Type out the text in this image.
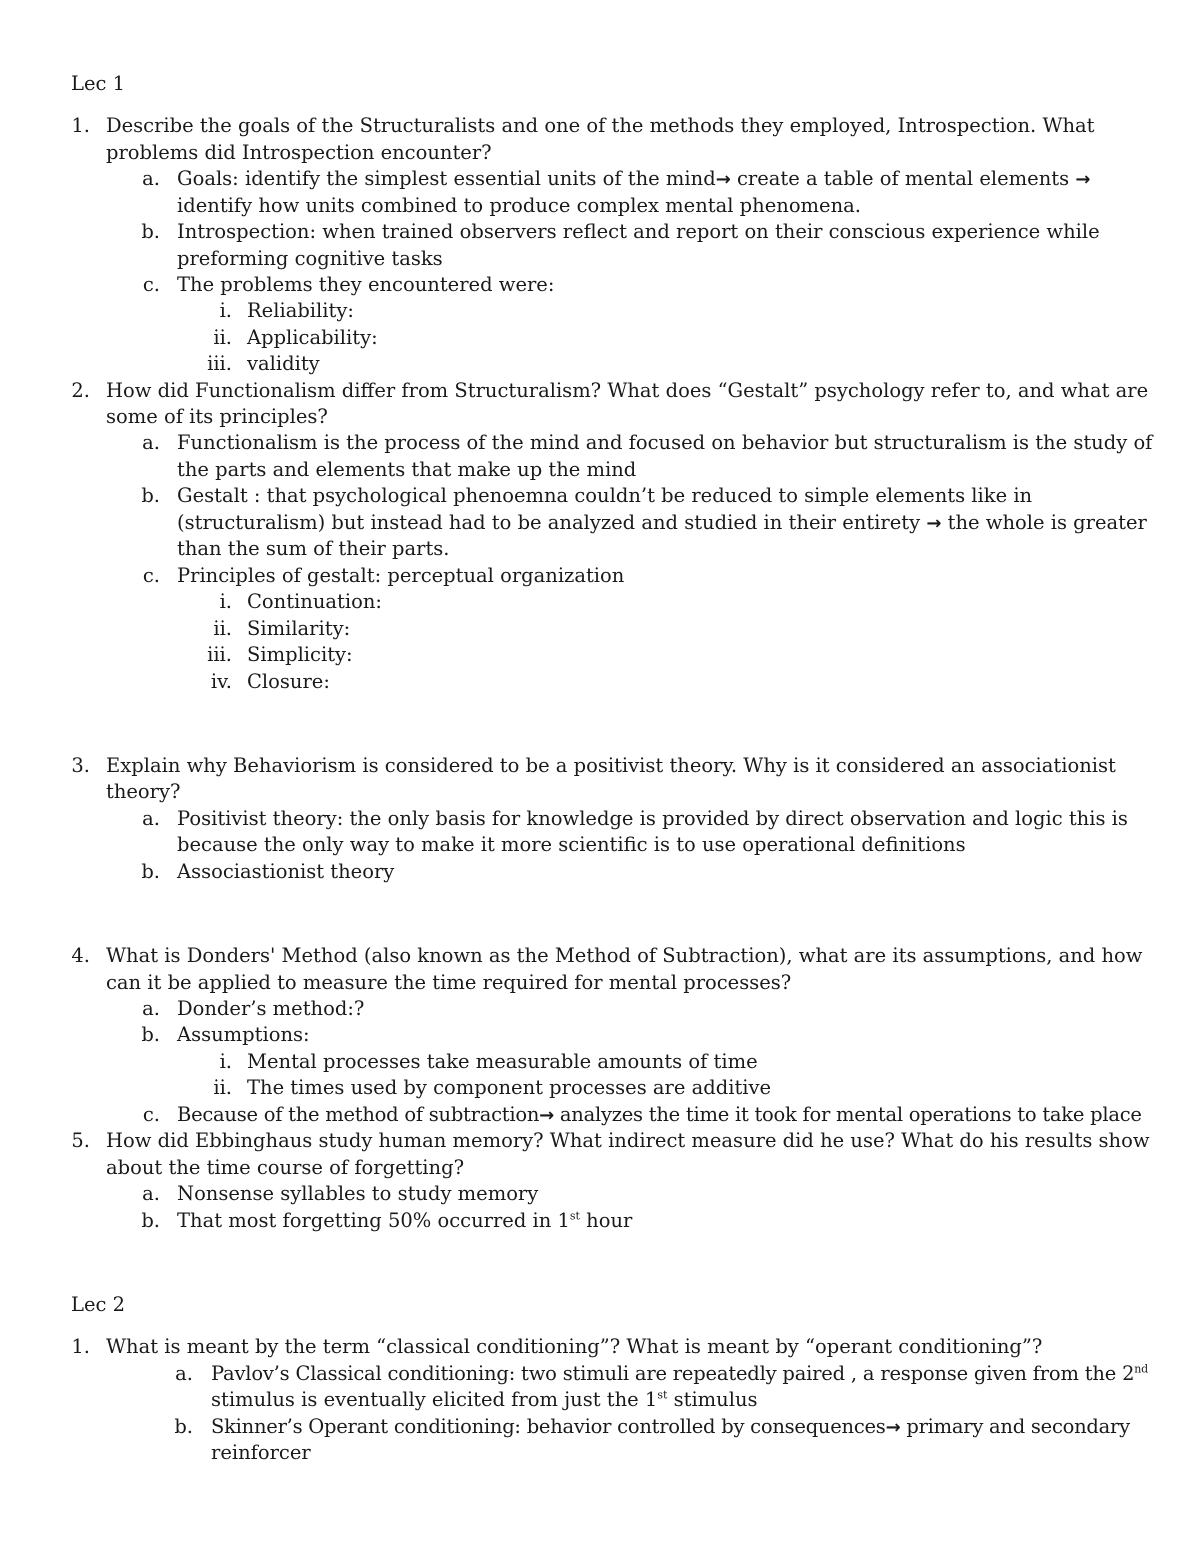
Lec 1
1. Describe the goals of the Structuralists and one of the methods they employed, Introspection. What
problems did Introspection encounter?
a. Goals: identify the simplest essential units of the mind→ create a table of mental elements →
identify how units combined to produce complex mental phenomena.
b. Introspection: when trained observers reflect and report on their conscious experience while
preforming cognitive tasks
c. The problems they encountered were:
i. Reliability:
ii. Applicability:
iii. validity
2. How did Functionalism differ from Structuralism? What does “Gestalt” psychology refer to, and what are
some of its principles?
a. Functionalism is the process of the mind and focused on behavior but structuralism is the study of
the parts and elements that make up the mind
b. Gestalt : that psychological phenoemna couldn’t be reduced to simple elements like in
(structuralism) but instead had to be analyzed and studied in their entirety → the whole is greater
than the sum of their parts.
c. Principles of gestalt: perceptual organization
i. Continuation:
ii. Similarity:
iii. Simplicity:
iv. Closure:
3. Explain why Behaviorism is considered to be a positivist theory. Why is it considered an associationist
theory?
a. Positivist theory: the only basis for knowledge is provided by direct observation and logic this is
because the only way to make it more scientific is to use operational definitions
b. Associastionist theory
4. What is Donders' Method (also known as the Method of Subtraction), what are its assumptions, and how
can it be applied to measure the time required for mental processes?
a. Donder’s method:?
b. Assumptions:
i. Mental processes take measurable amounts of time
ii. The times used by component processes are additive
c. Because of the method of subtraction→ analyzes the time it took for mental operations to take place
5. How did Ebbinghaus study human memory? What indirect measure did he use? What do his results show
about the time course of forgetting?
a. Nonsense syllables to study memory
b. That most forgetting 50% occurred in 1st hour
Lec 2
1. What is meant by the term “classical conditioning”? What is meant by “operant conditioning”?
a. Pavlov’s Classical conditioning: two stimuli are repeatedly paired , a response given from the 2nd
stimulus is eventually elicited from just the 1st stimulus
b. Skinner’s Operant conditioning: behavior controlled by consequences→ primary and secondary
reinforcer
